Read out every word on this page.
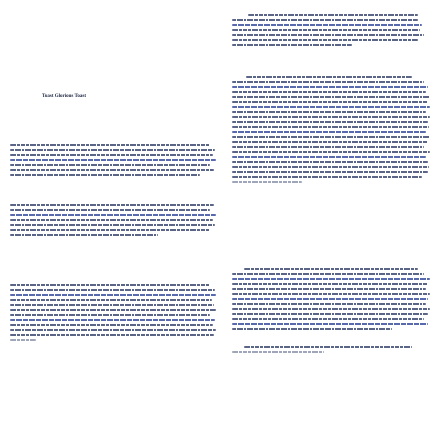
Toast Glorious Toast
